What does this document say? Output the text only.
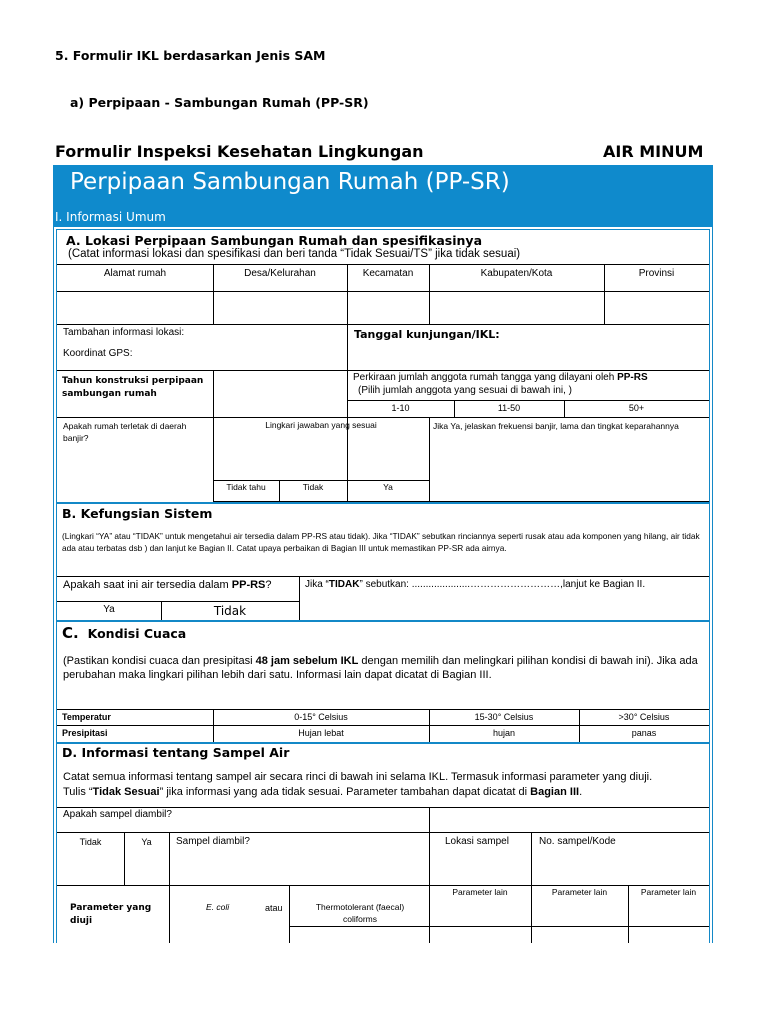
5. Formulir IKL berdasarkan Jenis SAM
a) Perpipaan - Sambungan Rumah (PP-SR)
Formulir Inspeksi Kesehatan Lingkungan	AIR MINUM
Perpipaan Sambungan Rumah (PP-SR)
I. Informasi Umum
A. Lokasi Perpipaan Sambungan Rumah dan spesifikasinya
(Catat informasi lokasi dan spesifikasi dan beri tanda “Tidak Sesuai/TS” jika tidak sesuai)
Alamat rumah	Desa/Kelurahan	Kecamatan	Kabupaten/Kota	Provinsi
Tambahan informasi lokasi:
Koordinat GPS:
Tanggal kunjungan/IKL:
Tahun konstruksi perpipaan sambungan rumah
Perkiraan jumlah anggota rumah tangga yang dilayani oleh PP-RS
(Pilih jumlah anggota yang sesuai di bawah ini, )
1-10	11-50	50+
Apakah rumah terletak di daerah banjir?
Lingkari jawaban yang sesuai	Jika Ya, jelaskan frekuensi banjir, lama dan tingkat keparahannya
Tidak tahu	Tidak	Ya
B. Kefungsian Sistem
(Lingkari “YA” atau “TIDAK” untuk mengetahui air tersedia dalam PP-RS atau tidak). Jika “TIDAK” sebutkan rinciannya seperti rusak atau ada komponen yang hilang, air tidak ada atau terbatas dsb ) dan lanjut ke Bagian II. Catat upaya perbaikan di Bagian III untuk memastikan PP-SR ada airnya.
Apakah saat ini air tersedia dalam PP-RS?	Jika “TIDAK” sebutkan: .....................………………………,lanjut ke Bagian II.
Ya	Tidak
C. Kondisi Cuaca
(Pastikan kondisi cuaca dan presipitasi 48 jam sebelum IKL dengan memilih dan melingkari pilihan kondisi di bawah ini). Jika ada perubahan maka lingkari pilihan lebih dari satu. Informasi lain dapat dicatat di Bagian III.
Temperatur	0-15° Celsius	15-30° Celsius	>30° Celsius
Presipitasi	Hujan lebat	hujan	panas
D. Informasi tentang Sampel Air
Catat semua informasi tentang sampel air secara rinci di bawah ini selama IKL. Termasuk informasi parameter yang diuji.
Tulis “Tidak Sesuai” jika informasi yang ada tidak sesuai. Parameter tambahan dapat dicatat di Bagian III.
Apakah sampel diambil?
Tidak	Ya	Sampel diambil?	Lokasi sampel	No. sampel/Kode
Parameter yang diuji
E. coli	atau	Thermotolerant (faecal) coliforms
Parameter lain	Parameter lain	Parameter lain
